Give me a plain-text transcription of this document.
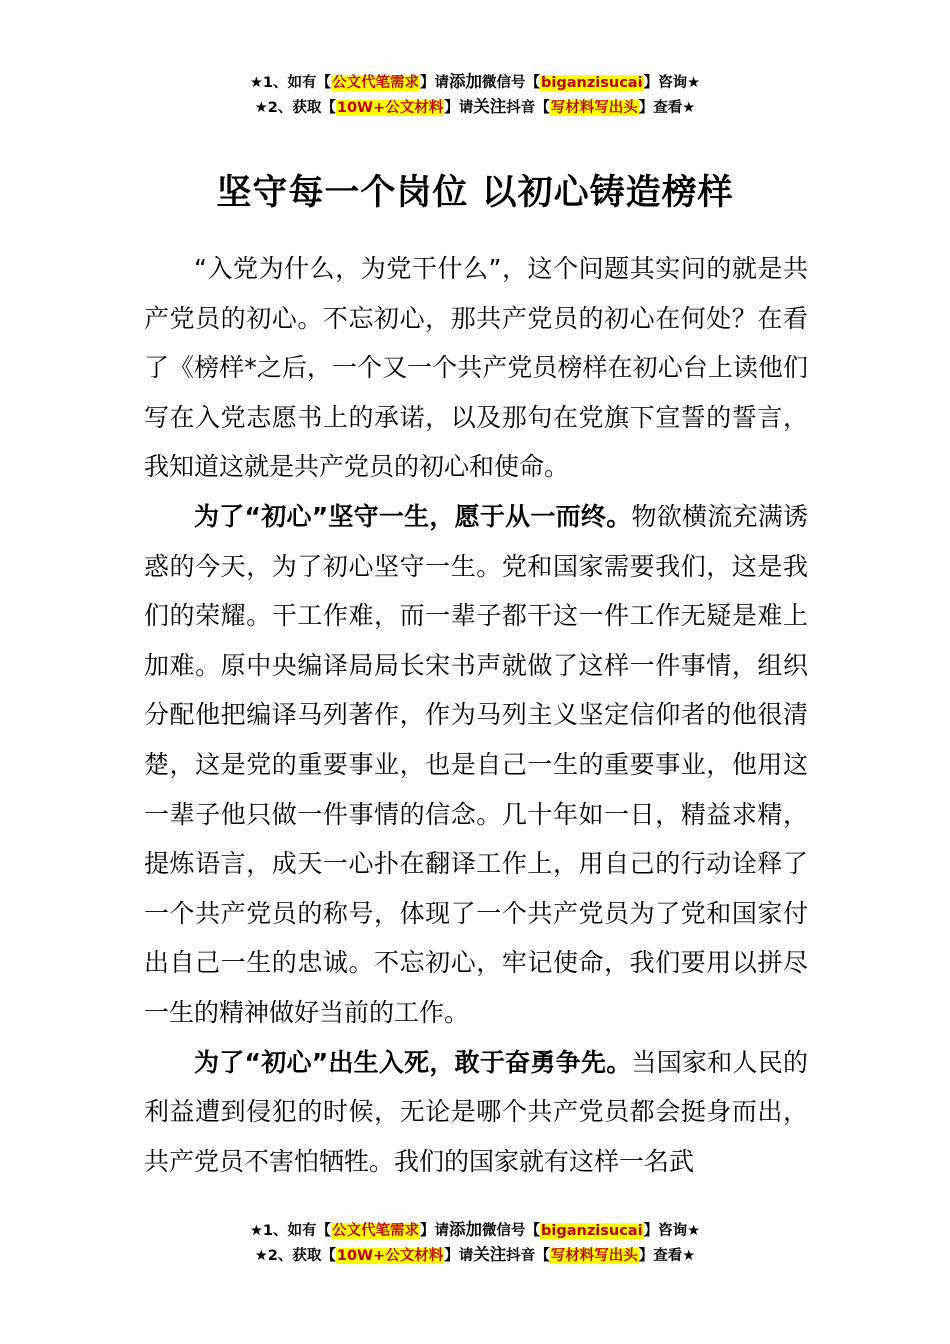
★1、如有【公文代笔需求】请添加微信号【biganzisucai】咨询★
★2、获取【10W+公文材料】请关注抖音【写材料写出头】查看★
坚守每一个岗位 以初心铸造榜样

“入党为什么，为党干什么”，这个问题其实问的就是共产党员的初心。不忘初心，那共产党员的初心在何处？在看了《榜样*之后，一个又一个共产党员榜样在初心台上读他们写在入党志愿书上的承诺，以及那句在党旗下宣誓的誓言，我知道这就是共产党员的初心和使命。

为了“初心”坚守一生，愿于从一而终。物欲横流充满诱惑的今天，为了初心坚守一生。党和国家需要我们，这是我们的荣耀。干工作难，而一辈子都干这一件工作无疑是难上加难。原中央编译局局长宋书声就做了这样一件事情，组织分配他把编译马列著作，作为马列主义坚定信仰者的他很清楚，这是党的重要事业，也是自己一生的重要事业，他用这一辈子他只做一件事情的信念。几十年如一日，精益求精，提炼语言，成天一心扑在翻译工作上，用自己的行动诠释了一个共产党员的称号，体现了一个共产党员为了党和国家付出自己一生的忠诚。不忘初心，牢记使命，我们要用以拼尽一生的精神做好当前的工作。

为了“初心”出生入死，敢于奋勇争先。当国家和人民的利益遭到侵犯的时候，无论是哪个共产党员都会挺身而出，共产党员不害怕牺牲。我们的国家就有这样一名武

★1、如有【公文代笔需求】请添加微信号【biganzisucai】咨询★
★2、获取【10W+公文材料】请关注抖音【写材料写出头】查看★
